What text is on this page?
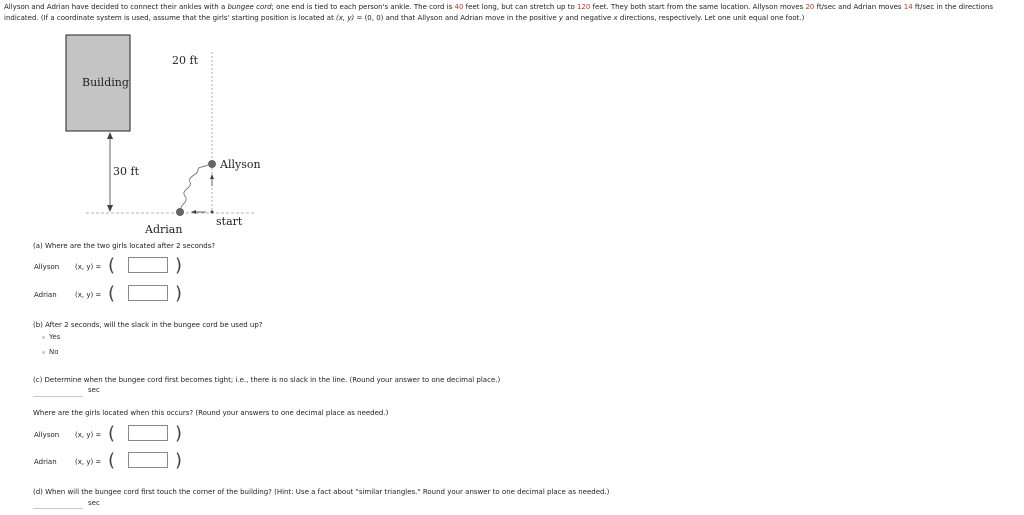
Allyson and Adrian have decided to connect their ankles with a bungee cord; one end is tied to each person's ankle. The cord is 40 feet long, but can stretch up to 120 feet. They both start from the same location. Allyson moves 20 ft/sec and Adrian moves 14 ft/sec in the directions indicated. (If a coordinate system is used, assume that the girls' starting position is located at (x, y) = (0, 0) and that Allyson and Adrian move in the positive y and negative x directions, respectively. Let one unit equal one foot.)
Building
20 ft
30 ft
Allyson
Adrian
start
(a) Where are the two girls located after 2 seconds?
Allyson (x, y) = (	)
Adrian	(x, y) = (	)
(b) After 2 seconds, will the slack in the bungee cord be used up?
Yes
No
(c) Determine when the bungee cord first becomes tight; i.e., there is no slack in the line. (Round your answer to one decimal place.)
sec
Where are the girls located when this occurs? (Round your answers to one decimal place as needed.)
Allyson (x, y) = (	)
Adrian	(x, y) = (	)
(d) When will the bungee cord first touch the corner of the building? (Hint: Use a fact about "similar triangles." Round your answer to one decimal place as needed.)
sec
